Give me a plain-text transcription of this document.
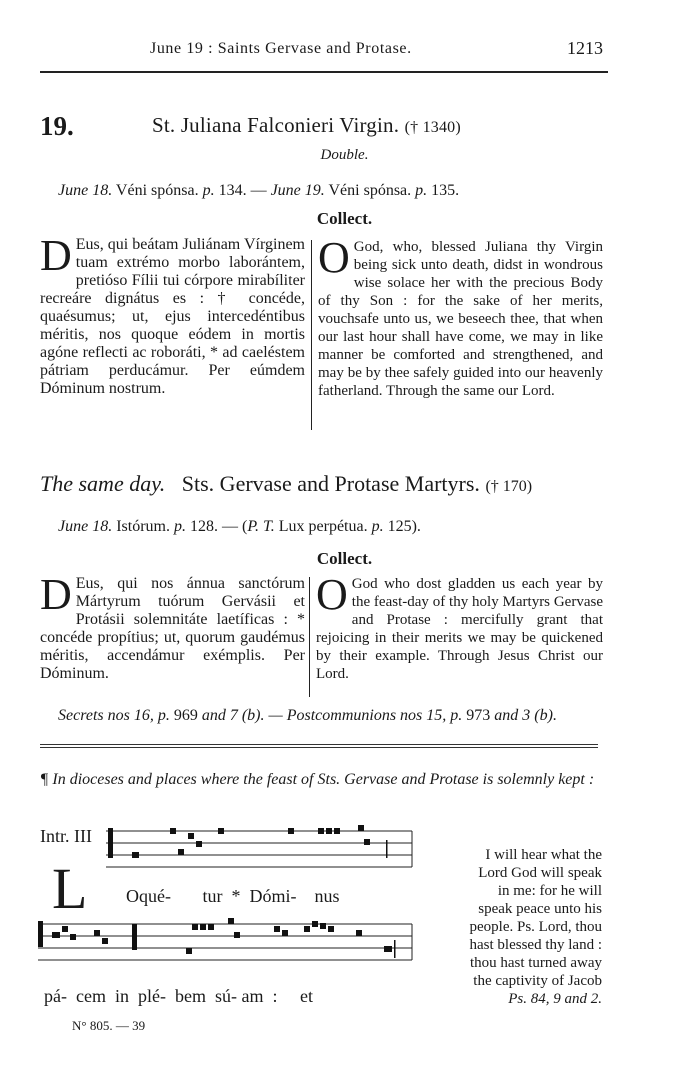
June 19 : Saints Gervase and Protase.	1213
19.	St. Juliana Falconieri Virgin. († 1340)
Double.
June 18. Véni spónsa. p. 134. — June 19. Véni spónsa. p. 135.
Collect.
D Eus, qui beátam Juliánam Vírginem tuam extrémo morbo laborántem, pretióso Fílii tui córpore mirabíliter recreáre dignátus es : † concéde, quaésumus; ut, ejus intercedéntibus méritis, nos quoque eódem in mortis agóne reflecti ac roboráti, * ad caeléstem pátriam perducámur. Per eúmdem Dóminum nostrum.
O God, who, blessed Juliana thy Virgin being sick unto death, didst in wondrous wise solace her with the precious Body of thy Son : for the sake of her merits, vouchsafe unto us, we beseech thee, that when our last hour shall have come, we may in like manner be comforted and strengthened, and may be by thee safely guided into our heavenly fatherland. Through the same our Lord.
The same day. Sts. Gervase and Protase Martyrs. († 170)
June 18. Istórum. p. 128. — (P. T. Lux perpétua. p. 125).
Collect.
D Eus, qui nos ánnua sanctórum Mártyrum tuórum Gervásii et Protásii solemnitáte laetíficas : * concéde propítius; ut, quorum gaudémus méritis, accendámur exémplis. Per Dóminum.
O God who dost gladden us each year by the feast-day of thy holy Martyrs Gervase and Protase : mercifully grant that rejoicing in their merits we may be quickened by their example. Through Jesus Christ our Lord.
Secrets nos 16, p. 969 and 7 (b). — Postcommunions nos 15, p. 973 and 3 (b).
¶ In dioceses and places where the feast of Sts. Gervase and Protase is solemnly kept :
Intr. III
L Oqué- tur * Dómi- nus
pá- cem in plé- bem sú- am : et
I will hear what the
Lord God will speak
in me: for he will
speak peace unto his
people. Ps. Lord, thou
hast blessed thy land :
thou hast turned away
the captivity of Jacob
Ps. 84, 9 and 2.
N° 805. — 39
